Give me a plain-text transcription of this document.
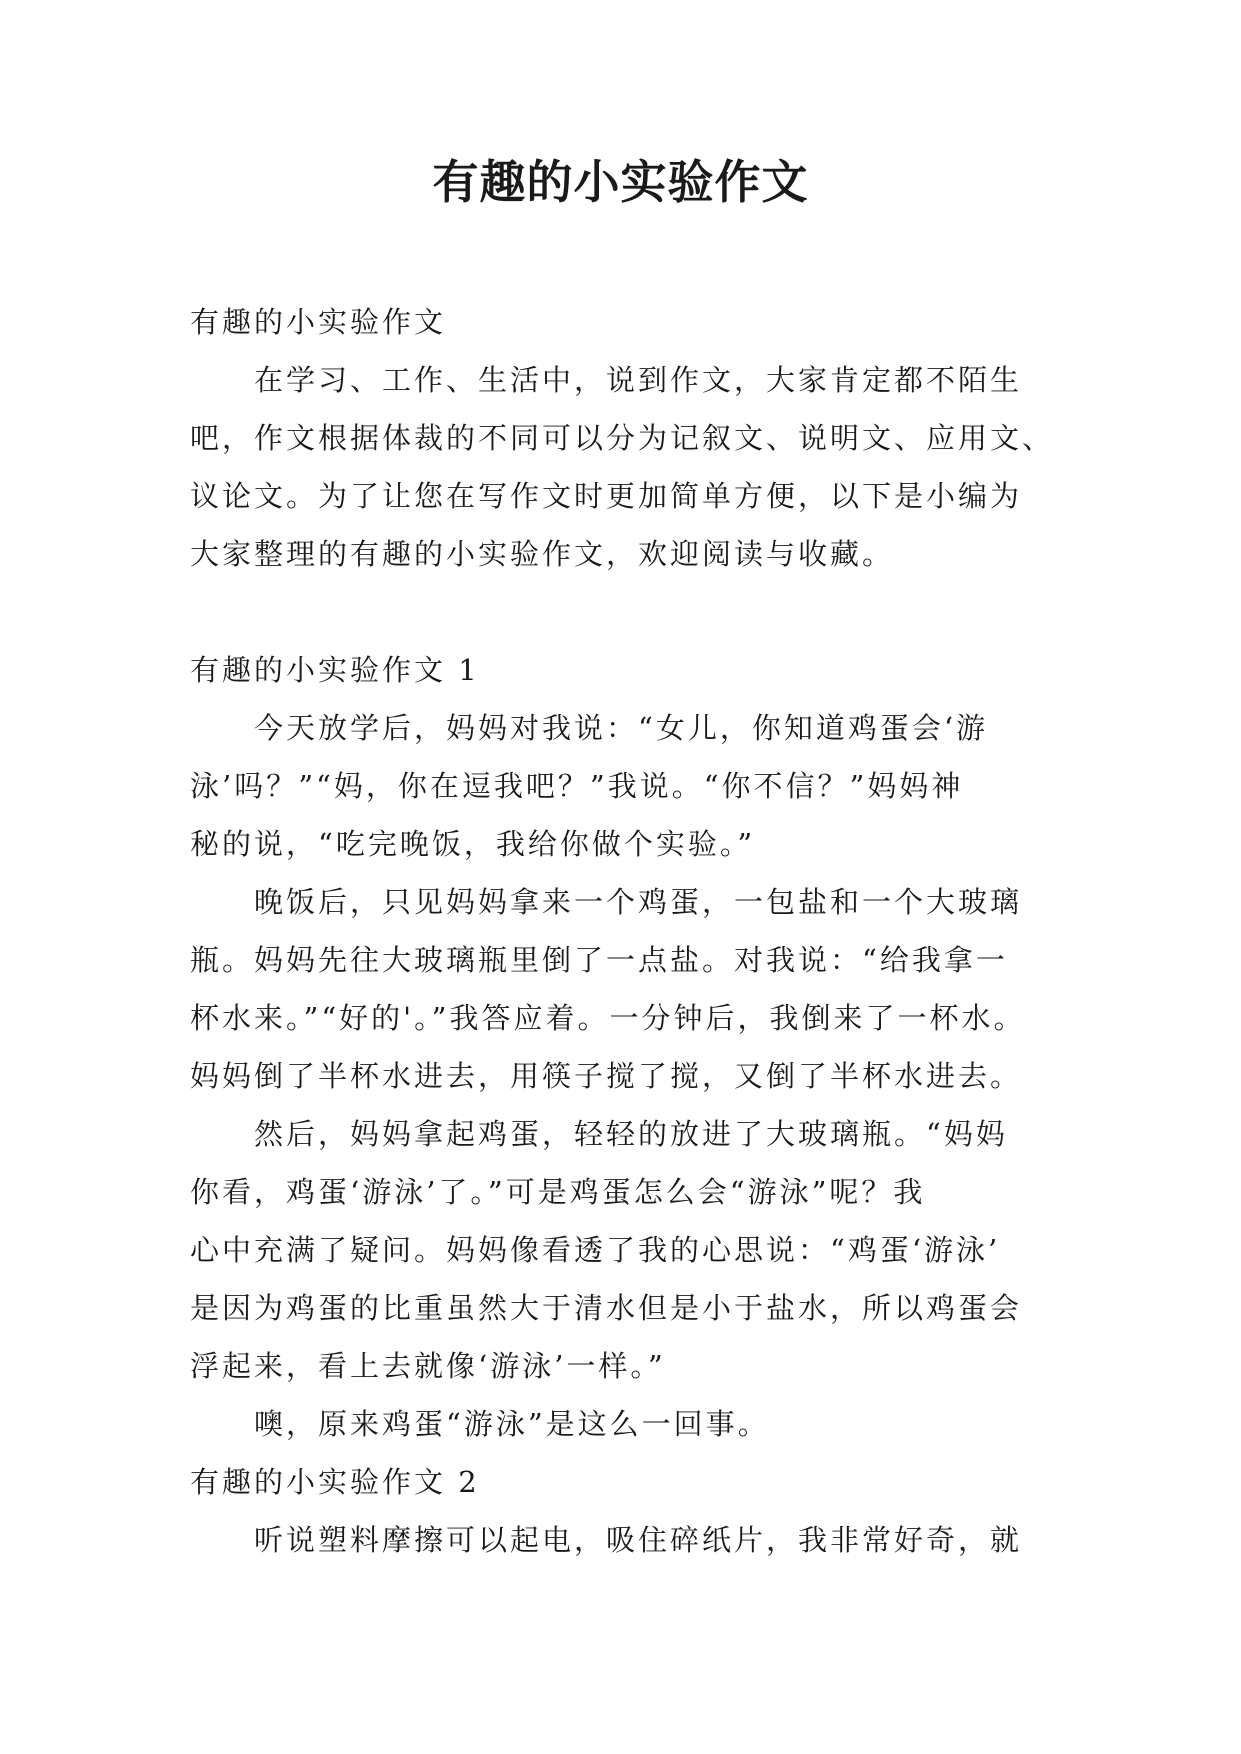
有趣的小实验作文
有趣的小实验作文
在学习、工作、生活中，说到作文，大家肯定都不陌生
吧，作文根据体裁的不同可以分为记叙文、说明文、应用文、
议论文。为了让您在写作文时更加简单方便，以下是小编为
大家整理的有趣的小实验作文，欢迎阅读与收藏。
有趣的小实验作文 1
今天放学后，妈妈对我说：“女儿，你知道鸡蛋会‘游
泳’吗？”“妈，你在逗我吧？”我说。“你不信？”妈妈神
秘的说，“吃完晚饭，我给你做个实验。”
晚饭后，只见妈妈拿来一个鸡蛋，一包盐和一个大玻璃
瓶。妈妈先往大玻璃瓶里倒了一点盐。对我说：“给我拿一
杯水来。”“好的'。”我答应着。一分钟后，我倒来了一杯水。
妈妈倒了半杯水进去，用筷子搅了搅，又倒了半杯水进去。
然后，妈妈拿起鸡蛋，轻轻的放进了大玻璃瓶。“妈妈
你看，鸡蛋‘游泳’了。”可是鸡蛋怎么会“游泳”呢？我
心中充满了疑问。妈妈像看透了我的心思说：“鸡蛋‘游泳’
是因为鸡蛋的比重虽然大于清水但是小于盐水，所以鸡蛋会
浮起来，看上去就像‘游泳’一样。”
噢，原来鸡蛋“游泳”是这么一回事。
有趣的小实验作文 2
听说塑料摩擦可以起电，吸住碎纸片，我非常好奇，就
